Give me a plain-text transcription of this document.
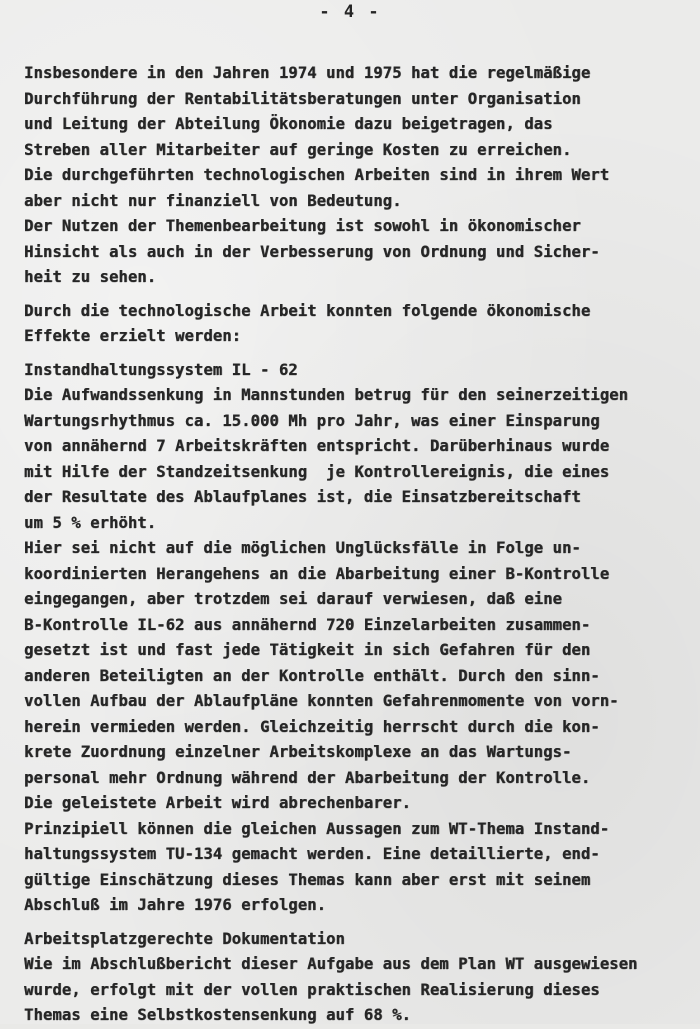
- 4 -
Insbesondere in den Jahren 1974 und 1975 hat die regelmäßige
Durchführung der Rentabilitätsberatungen unter Organisation
und Leitung der Abteilung Ökonomie dazu beigetragen, das
Streben aller Mitarbeiter auf geringe Kosten zu erreichen.
Die durchgeführten technologischen Arbeiten sind in ihrem Wert
aber nicht nur finanziell von Bedeutung.
Der Nutzen der Themenbearbeitung ist sowohl in ökonomischer
Hinsicht als auch in der Verbesserung von Ordnung und Sicher-
heit zu sehen.
Durch die technologische Arbeit konnten folgende ökonomische
Effekte erzielt werden:
Instandhaltungssystem IL - 62
Die Aufwandssenkung in Mannstunden betrug für den seinerzeitigen
Wartungsrhythmus ca. 15.000 Mh pro Jahr, was einer Einsparung
von annähernd 7 Arbeitskräften entspricht. Darüberhinaus wurde
mit Hilfe der Standzeitsenkung  je Kontrollereignis, die eines
der Resultate des Ablaufplanes ist, die Einsatzbereitschaft
um 5 % erhöht.
Hier sei nicht auf die möglichen Unglücksfälle in Folge un-
koordinierten Herangehens an die Abarbeitung einer B-Kontrolle
eingegangen, aber trotzdem sei darauf verwiesen, daß eine
B-Kontrolle IL-62 aus annähernd 720 Einzelarbeiten zusammen-
gesetzt ist und fast jede Tätigkeit in sich Gefahren für den
anderen Beteiligten an der Kontrolle enthält. Durch den sinn-
vollen Aufbau der Ablaufpläne konnten Gefahrenmomente von vorn-
herein vermieden werden. Gleichzeitig herrscht durch die kon-
krete Zuordnung einzelner Arbeitskomplexe an das Wartungs-
personal mehr Ordnung während der Abarbeitung der Kontrolle.
Die geleistete Arbeit wird abrechenbarer.
Prinzipiell können die gleichen Aussagen zum WT-Thema Instand-
haltungssystem TU-134 gemacht werden. Eine detaillierte, end-
gültige Einschätzung dieses Themas kann aber erst mit seinem
Abschluß im Jahre 1976 erfolgen.
Arbeitsplatzgerechte Dokumentation
Wie im Abschlußbericht dieser Aufgabe aus dem Plan WT ausgewiesen
wurde, erfolgt mit der vollen praktischen Realisierung dieses
Themas eine Selbstkostensenkung auf 68 %.
